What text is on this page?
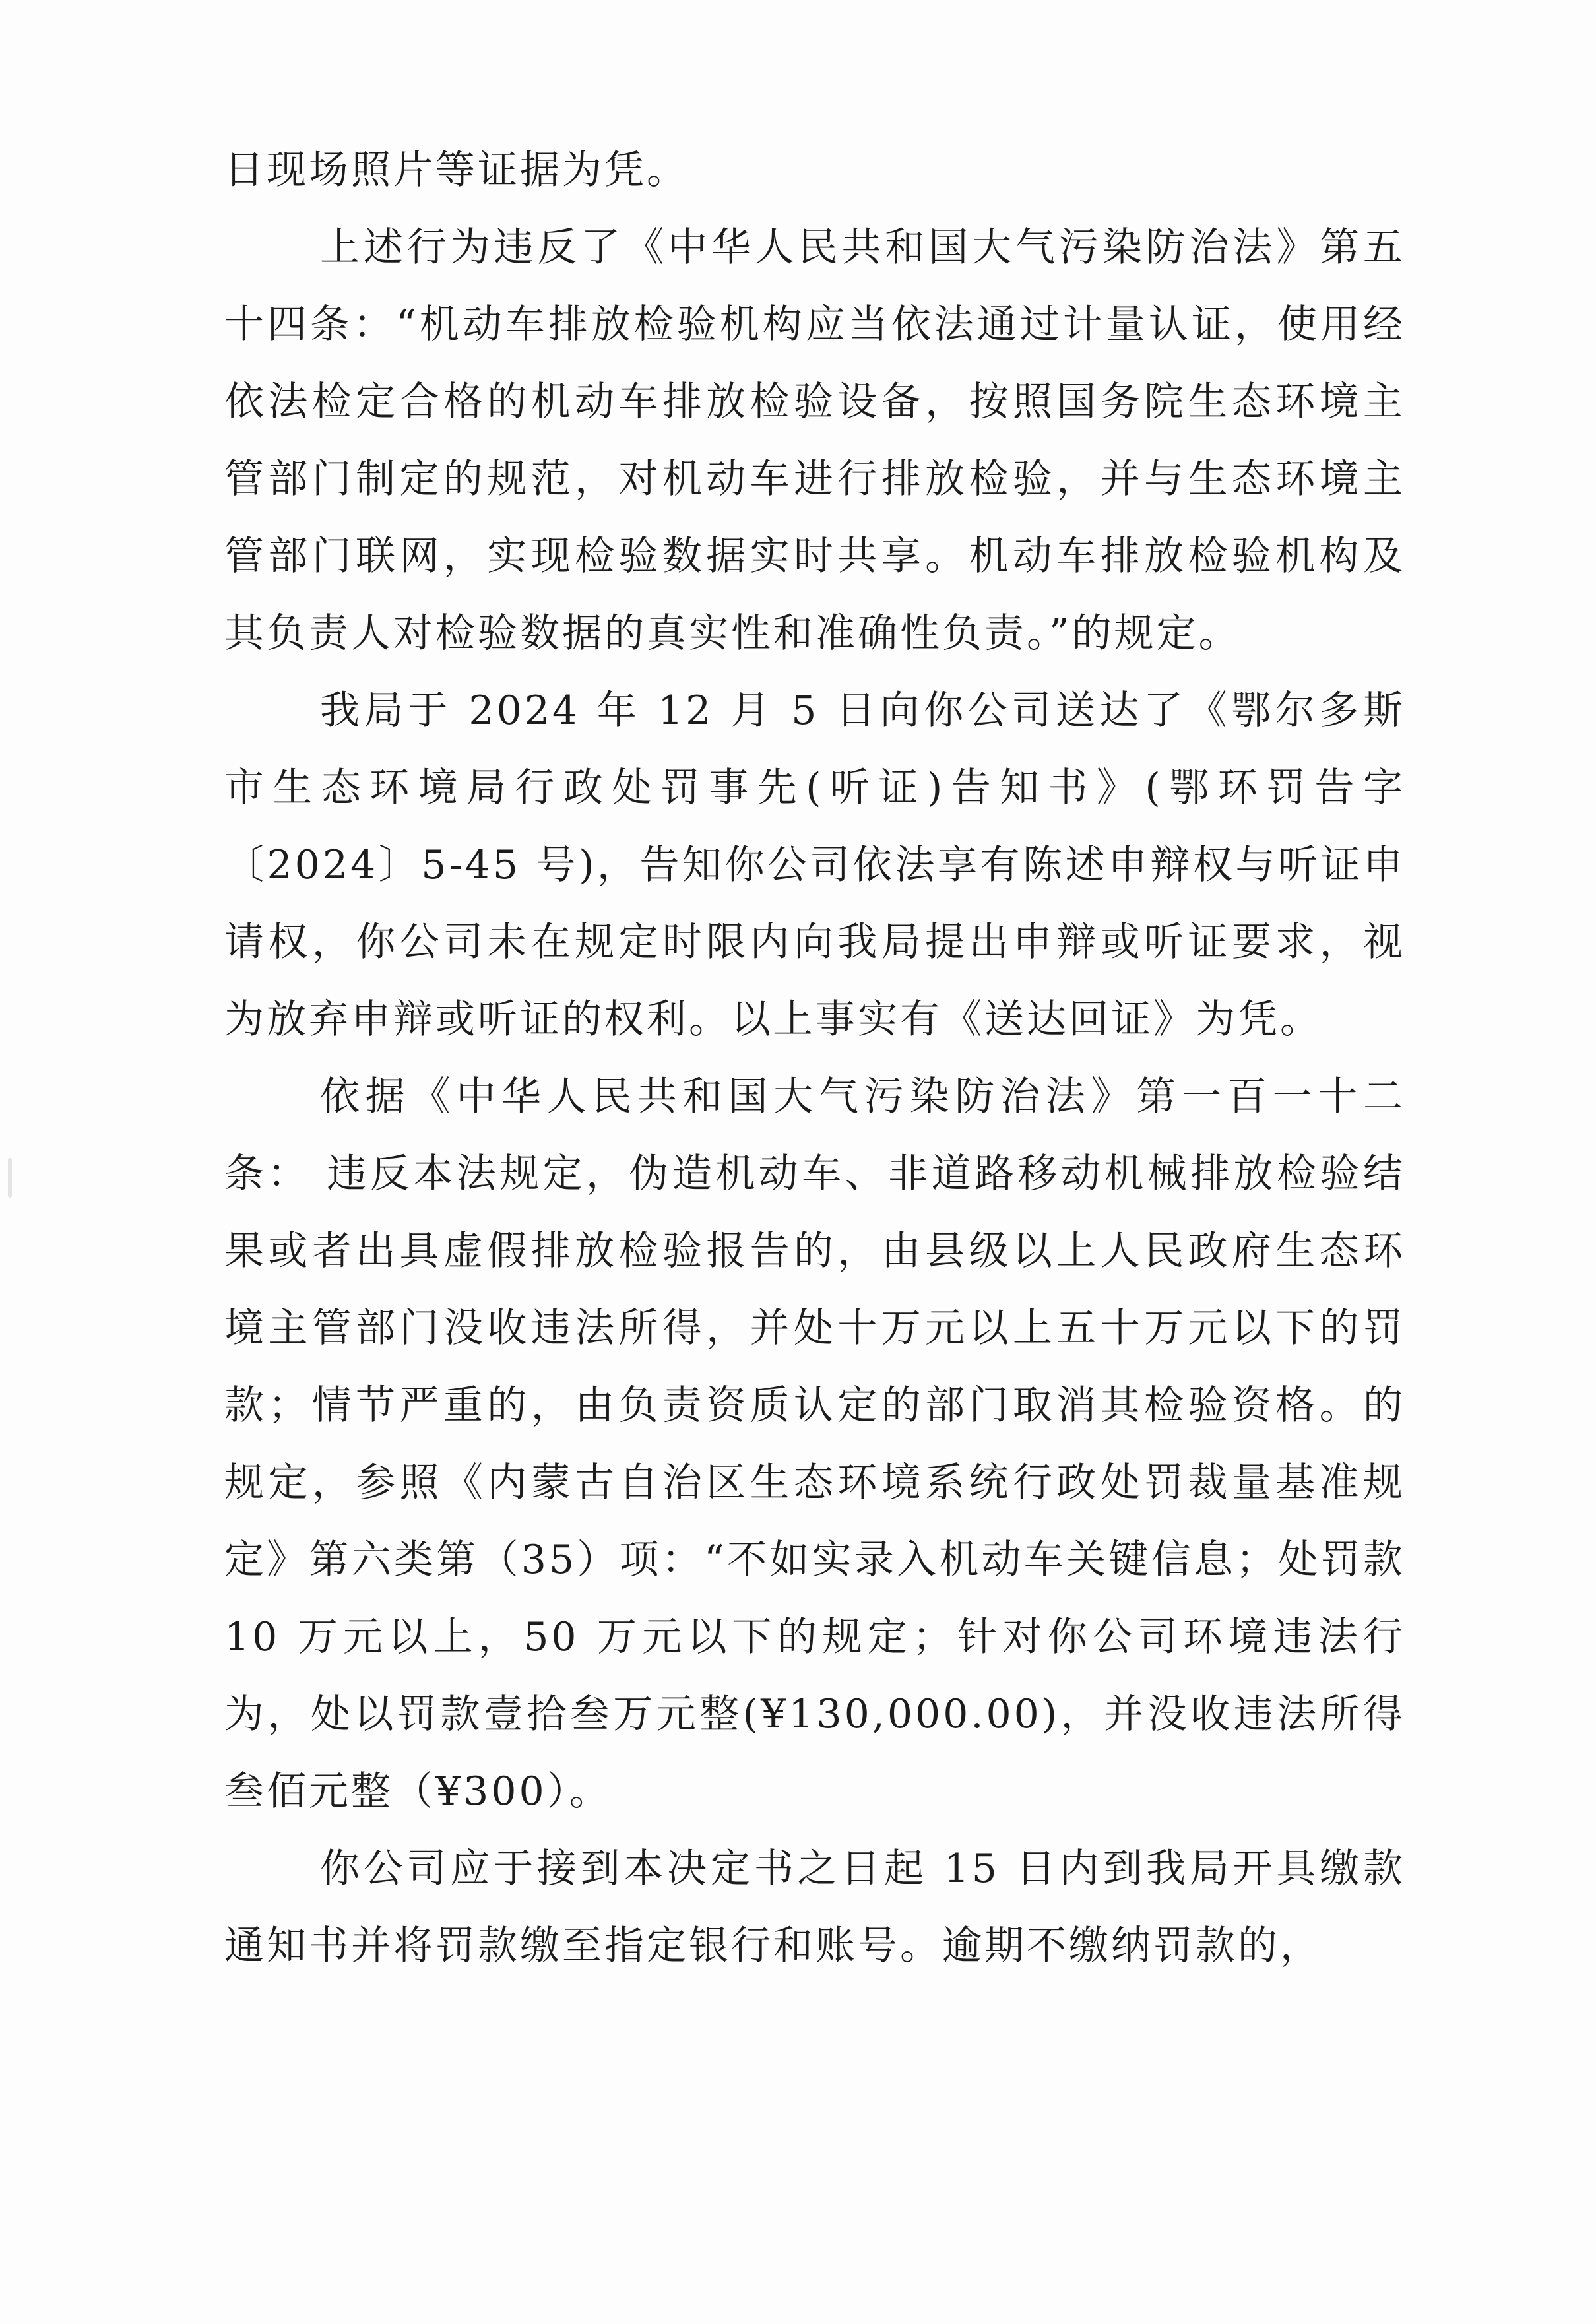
日现场照片等证据为凭。

上述行为违反了《中华人民共和国大气污染防治法》第五十四条：“机动车排放检验机构应当依法通过计量认证，使用经依法检定合格的机动车排放检验设备，按照国务院生态环境主管部门制定的规范，对机动车进行排放检验，并与生态环境主管部门联网，实现检验数据实时共享。机动车排放检验机构及其负责人对检验数据的真实性和准确性负责。”的规定。

我局于 2024 年 12 月 5 日向你公司送达了《鄂尔多斯市生态环境局行政处罚事先(听证)告知书》(鄂环罚告字〔2024〕5-45 号)，告知你公司依法享有陈述申辩权与听证申请权，你公司未在规定时限内向我局提出申辩或听证要求，视为放弃申辩或听证的权利。以上事实有《送达回证》为凭。

依据《中华人民共和国大气污染防治法》第一百一十二条： 违反本法规定，伪造机动车、非道路移动机械排放检验结果或者出具虚假排放检验报告的，由县级以上人民政府生态环境主管部门没收违法所得，并处十万元以上五十万元以下的罚款；情节严重的，由负责资质认定的部门取消其检验资格。的规定，参照《内蒙古自治区生态环境系统行政处罚裁量基准规定》第六类第（35）项：“不如实录入机动车关键信息；处罚款 10 万元以上，50 万元以下的规定；针对你公司环境违法行为，处以罚款壹拾叁万元整(¥130,000.00)，并没收违法所得叁佰元整（¥300）。

你公司应于接到本决定书之日起 15 日内到我局开具缴款通知书并将罚款缴至指定银行和账号。逾期不缴纳罚款的，
